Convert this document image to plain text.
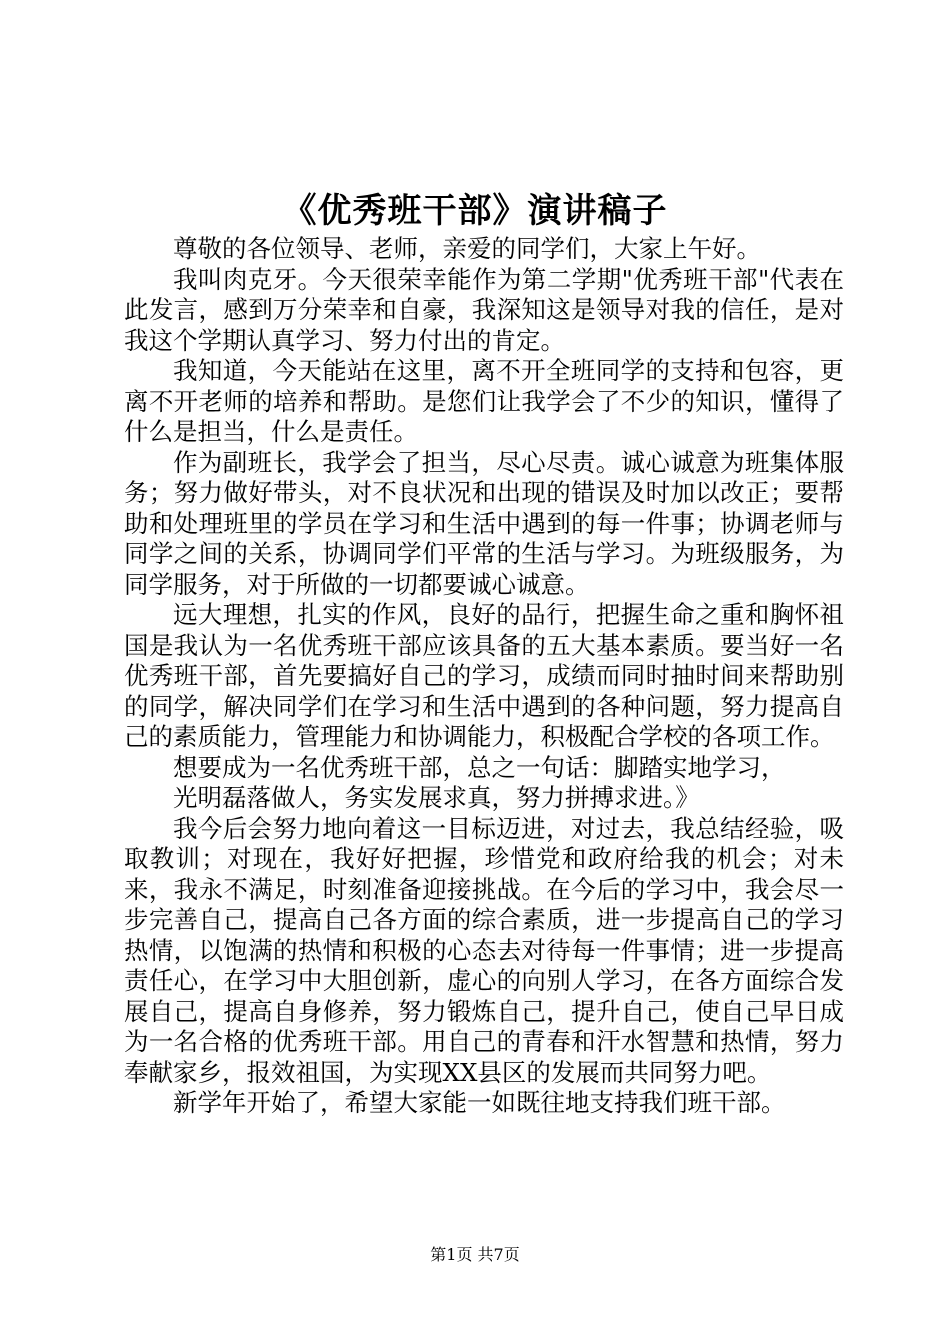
《优秀班干部》演讲稿子

尊敬的各位领导、老师，亲爱的同学们，大家上午好。

我叫肉克牙。今天很荣幸能作为第二学期"优秀班干部"代表在此发言，感到万分荣幸和自豪，我深知这是领导对我的信任，是对我这个学期认真学习、努力付出的肯定。

我知道，今天能站在这里，离不开全班同学的支持和包容，更离不开老师的培养和帮助。是您们让我学会了不少的知识，懂得了什么是担当，什么是责任。

作为副班长，我学会了担当，尽心尽责。诚心诚意为班集体服务；努力做好带头，对不良状况和出现的错误及时加以改正；要帮助和处理班里的学员在学习和生活中遇到的每一件事；协调老师与同学之间的关系，协调同学们平常的生活与学习。为班级服务，为同学服务，对于所做的一切都要诚心诚意。

远大理想，扎实的作风，良好的品行，把握生命之重和胸怀祖国是我认为一名优秀班干部应该具备的五大基本素质。要当好一名优秀班干部，首先要搞好自己的学习，成绩而同时抽时间来帮助别的同学，解决同学们在学习和生活中遇到的各种问题，努力提高自己的素质能力，管理能力和协调能力，积极配合学校的各项工作。

想要成为一名优秀班干部，总之一句话：脚踏实地学习，

光明磊落做人，务实发展求真，努力拼搏求进。》

我今后会努力地向着这一目标迈进，对过去，我总结经验，吸取教训；对现在，我好好把握，珍惜党和政府给我的机会；对未来，我永不满足，时刻准备迎接挑战。在今后的学习中，我会尽一步完善自己，提高自己各方面的综合素质，进一步提高自己的学习热情，以饱满的热情和积极的心态去对待每一件事情；进一步提高责任心，在学习中大胆创新，虚心的向别人学习，在各方面综合发展自己，提高自身修养，努力锻炼自己，提升自己，使自己早日成为一名合格的优秀班干部。用自己的青春和汗水智慧和热情，努力奉献家乡，报效祖国，为实现XX县区的发展而共同努力吧。

新学年开始了，希望大家能一如既往地支持我们班干部。

第1页 共7页
